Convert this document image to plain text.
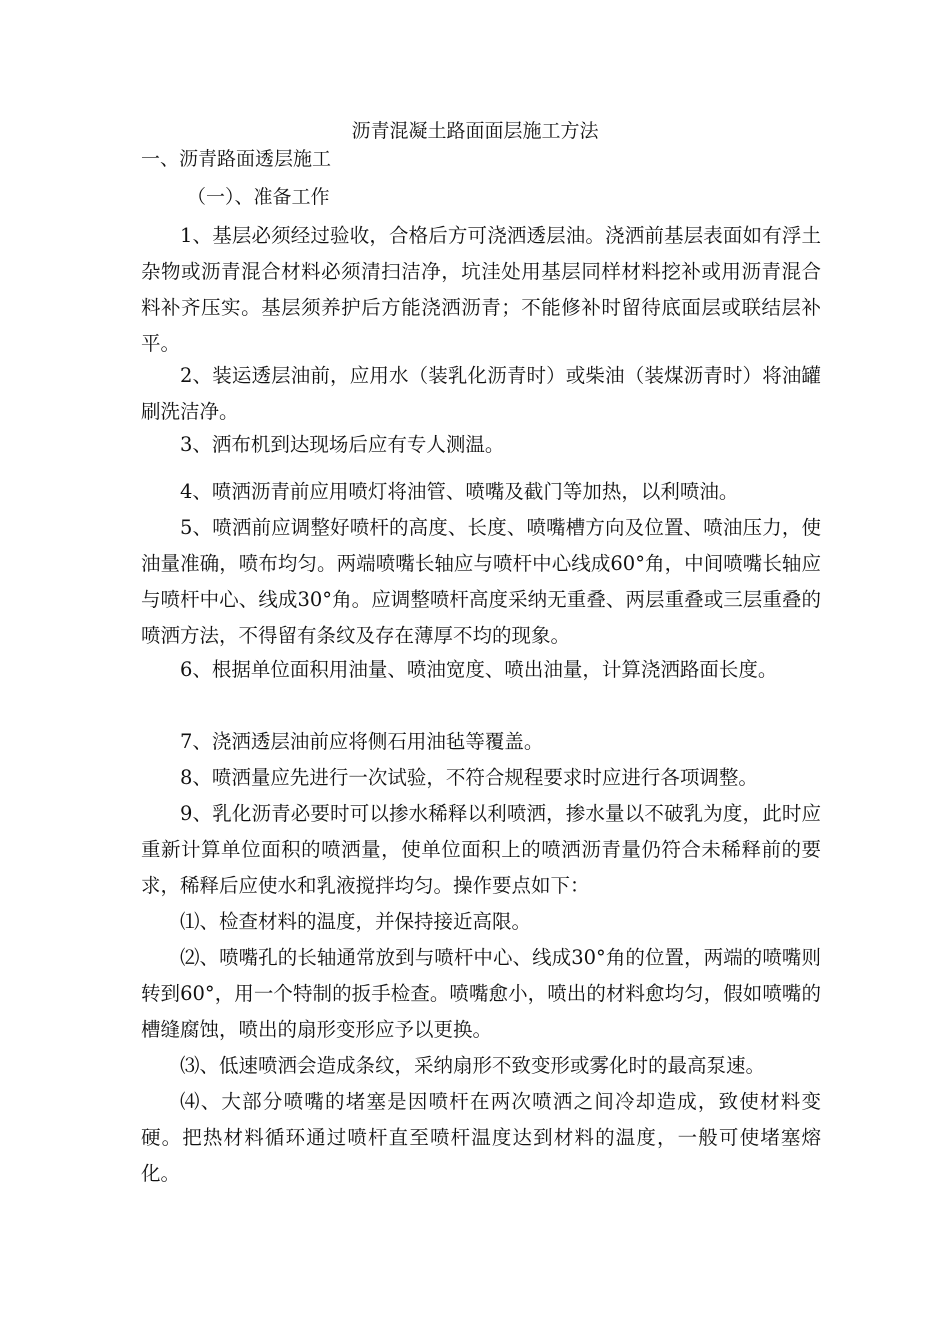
沥青混凝土路面面层施工方法
一、沥青路面透层施工
（一）、准备工作

1、基层必须经过验收，合格后方可浇洒透层油。浇洒前基层表面如有浮土杂物或沥青混合材料必须清扫洁净，坑洼处用基层同样材料挖补或用沥青混合料补齐压实。基层须养护后方能浇洒沥青；不能修补时留待底面层或联结层补平。

2、装运透层油前，应用水（装乳化沥青时）或柴油（装煤沥青时）将油罐刷洗洁净。

3、洒布机到达现场后应有专人测温。

4、喷洒沥青前应用喷灯将油管、喷嘴及截门等加热，以利喷油。

5、喷洒前应调整好喷杆的高度、长度、喷嘴槽方向及位置、喷油压力，使油量准确，喷布均匀。两端喷嘴长轴应与喷杆中心线成60°角，中间喷嘴长轴应与喷杆中心、线成30°角。应调整喷杆高度采纳无重叠、两层重叠或三层重叠的喷洒方法，不得留有条纹及存在薄厚不均的现象。

6、根据单位面积用油量、喷油宽度、喷出油量，计算浇洒路面长度。

7、浇洒透层油前应将侧石用油毡等覆盖。

8、喷洒量应先进行一次试验，不符合规程要求时应进行各项调整。

9、乳化沥青必要时可以掺水稀释以利喷洒，掺水量以不破乳为度，此时应重新计算单位面积的喷洒量，使单位面积上的喷洒沥青量仍符合未稀释前的要求，稀释后应使水和乳液搅拌均匀。操作要点如下：

⑴、检查材料的温度，并保持接近高限。

⑵、喷嘴孔的长轴通常放到与喷杆中心、线成30°角的位置，两端的喷嘴则转到60°，用一个特制的扳手检查。喷嘴愈小，喷出的材料愈均匀，假如喷嘴的槽缝腐蚀，喷出的扇形变形应予以更换。

⑶、低速喷洒会造成条纹，采纳扇形不致变形或雾化时的最高泵速。

⑷、大部分喷嘴的堵塞是因喷杆在两次喷洒之间冷却造成，致使材料变硬。把热材料循环通过喷杆直至喷杆温度达到材料的温度，一般可使堵塞熔化。
